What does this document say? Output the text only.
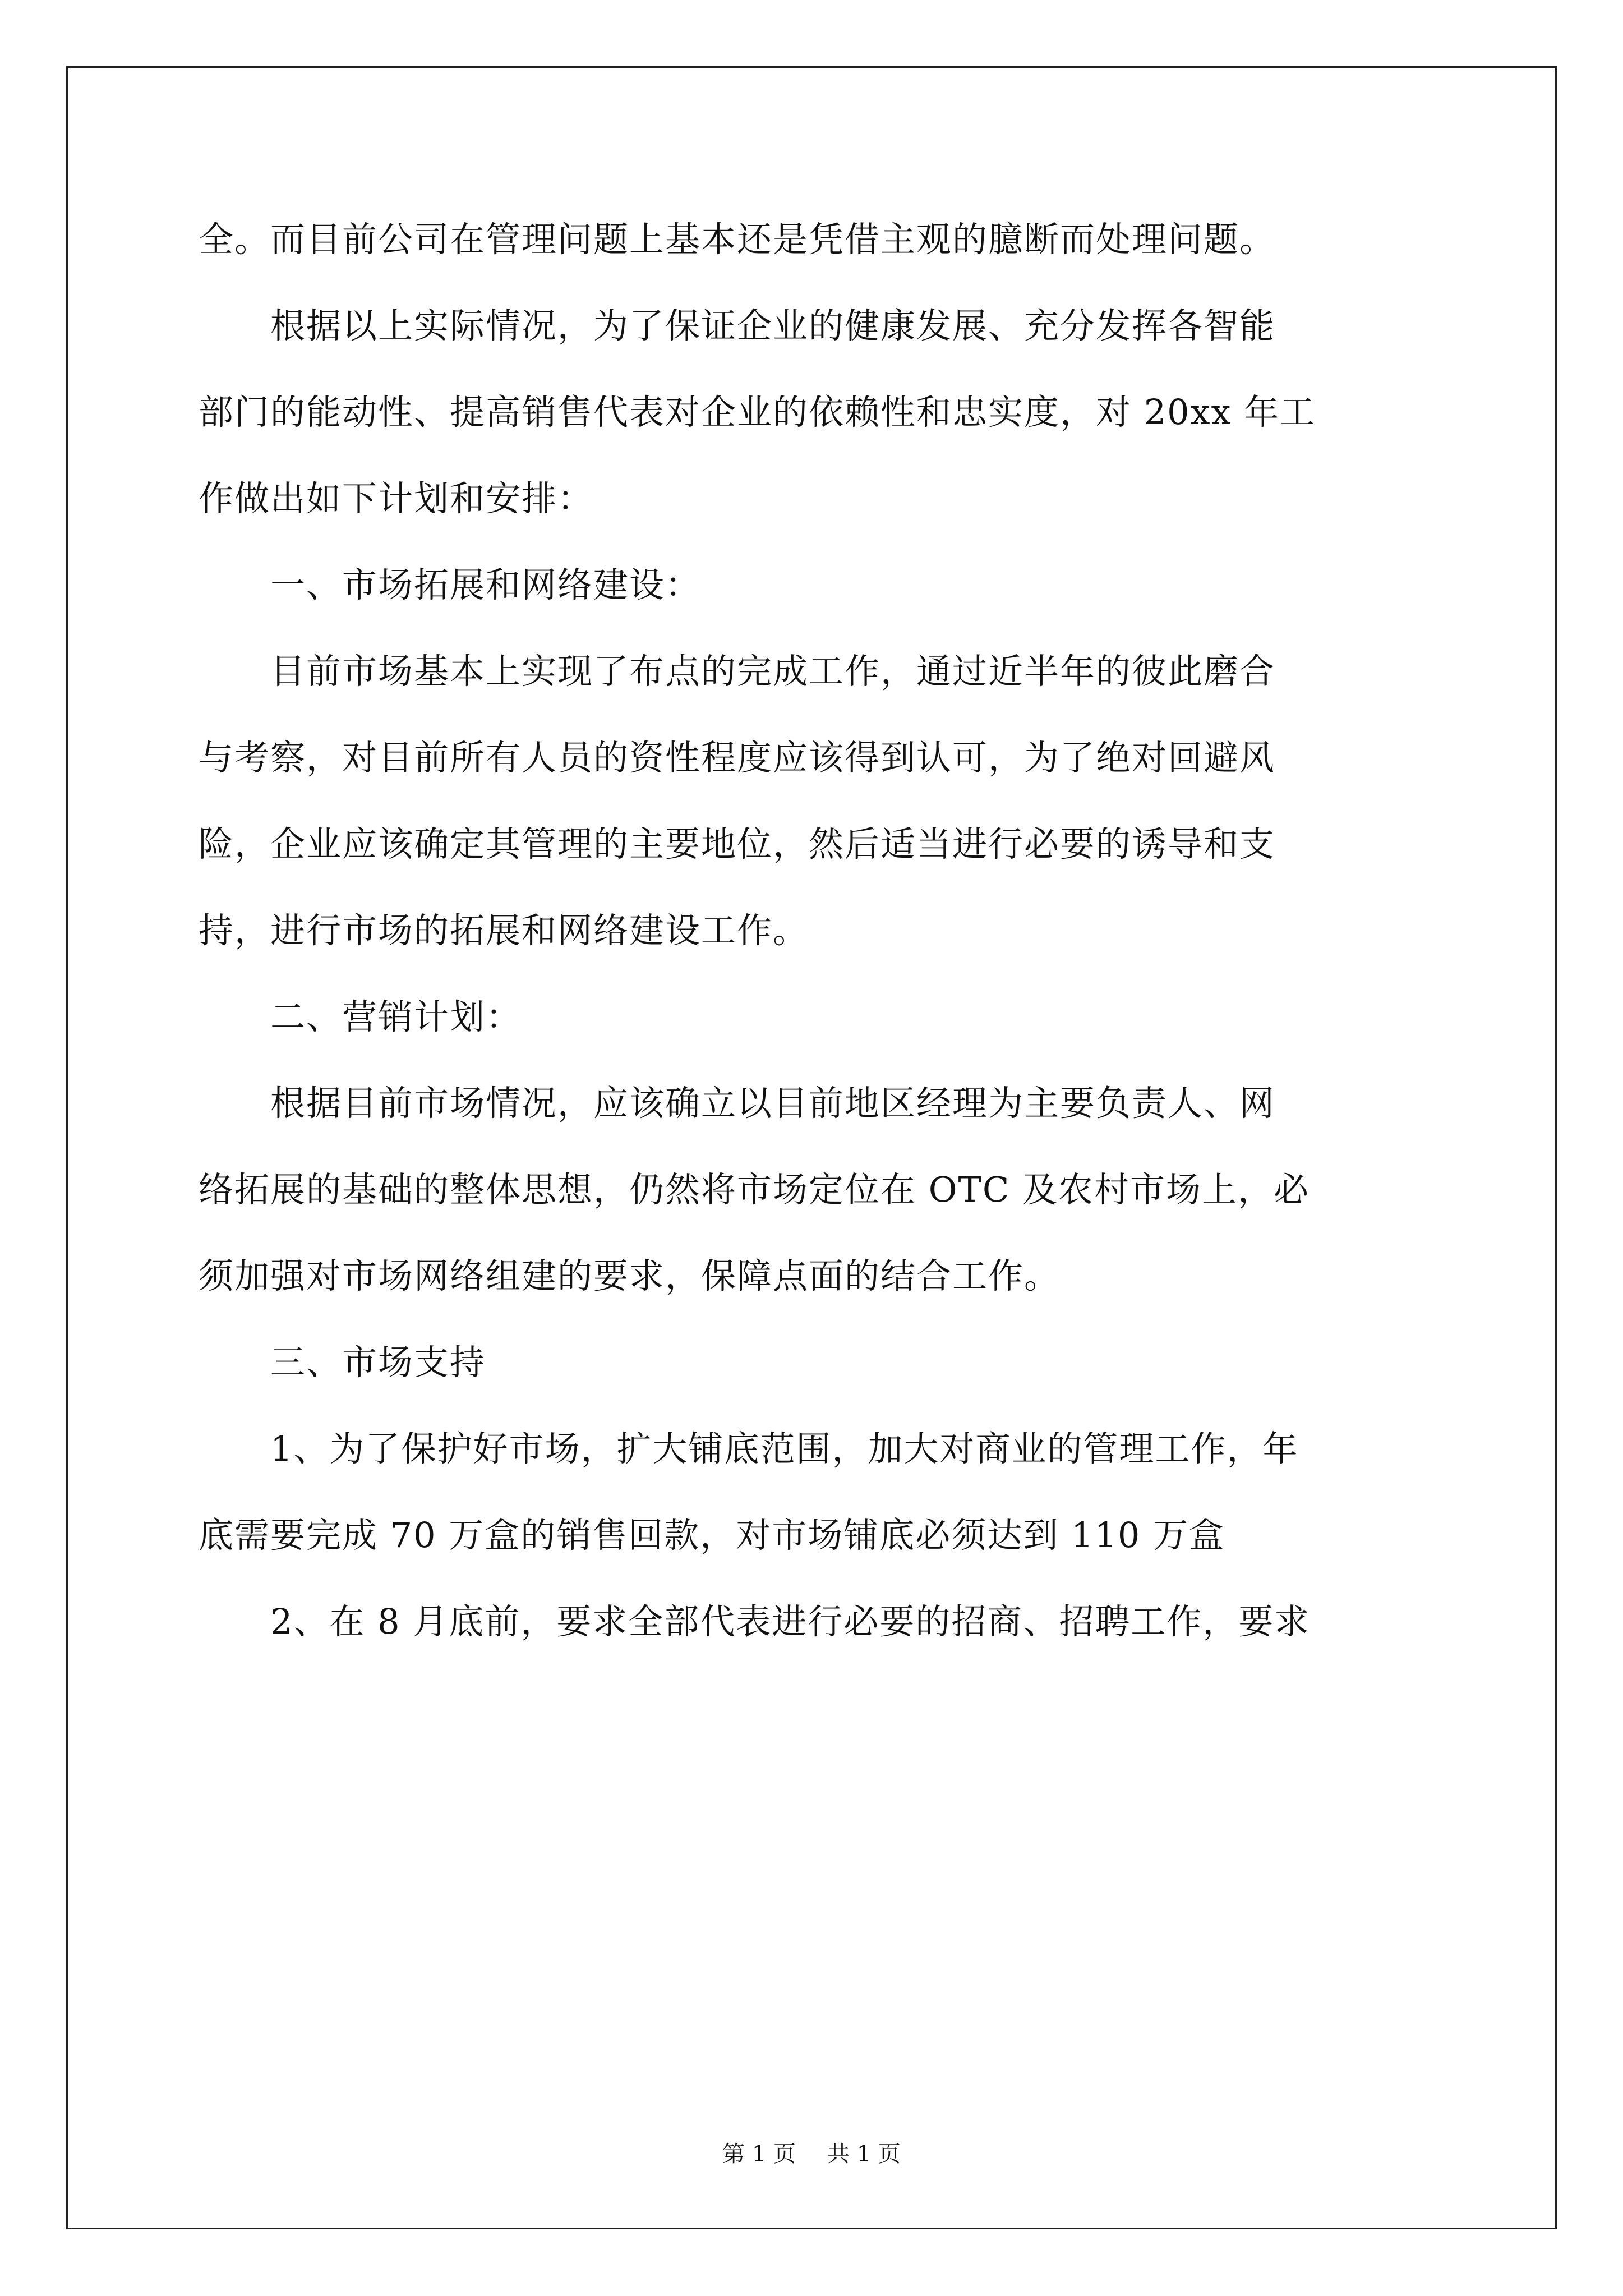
全。而目前公司在管理问题上基本还是凭借主观的臆断而处理问题。
　　根据以上实际情况，为了保证企业的健康发展、充分发挥各智能
部门的能动性、提高销售代表对企业的依赖性和忠实度，对 20xx 年工
作做出如下计划和安排：
　　一、市场拓展和网络建设：
　　目前市场基本上实现了布点的完成工作，通过近半年的彼此磨合
与考察，对目前所有人员的资性程度应该得到认可，为了绝对回避风
险，企业应该确定其管理的主要地位，然后适当进行必要的诱导和支
持，进行市场的拓展和网络建设工作。
　　二、营销计划：
　　根据目前市场情况，应该确立以目前地区经理为主要负责人、网
络拓展的基础的整体思想，仍然将市场定位在 OTC 及农村市场上，必
须加强对市场网络组建的要求，保障点面的结合工作。
　　三、市场支持
　　1、为了保护好市场，扩大铺底范围，加大对商业的管理工作，年
底需要完成 70 万盒的销售回款，对市场铺底必须达到 110 万盒
　　2、在 8 月底前，要求全部代表进行必要的招商、招聘工作，要求
第 1 页 共 1 页
